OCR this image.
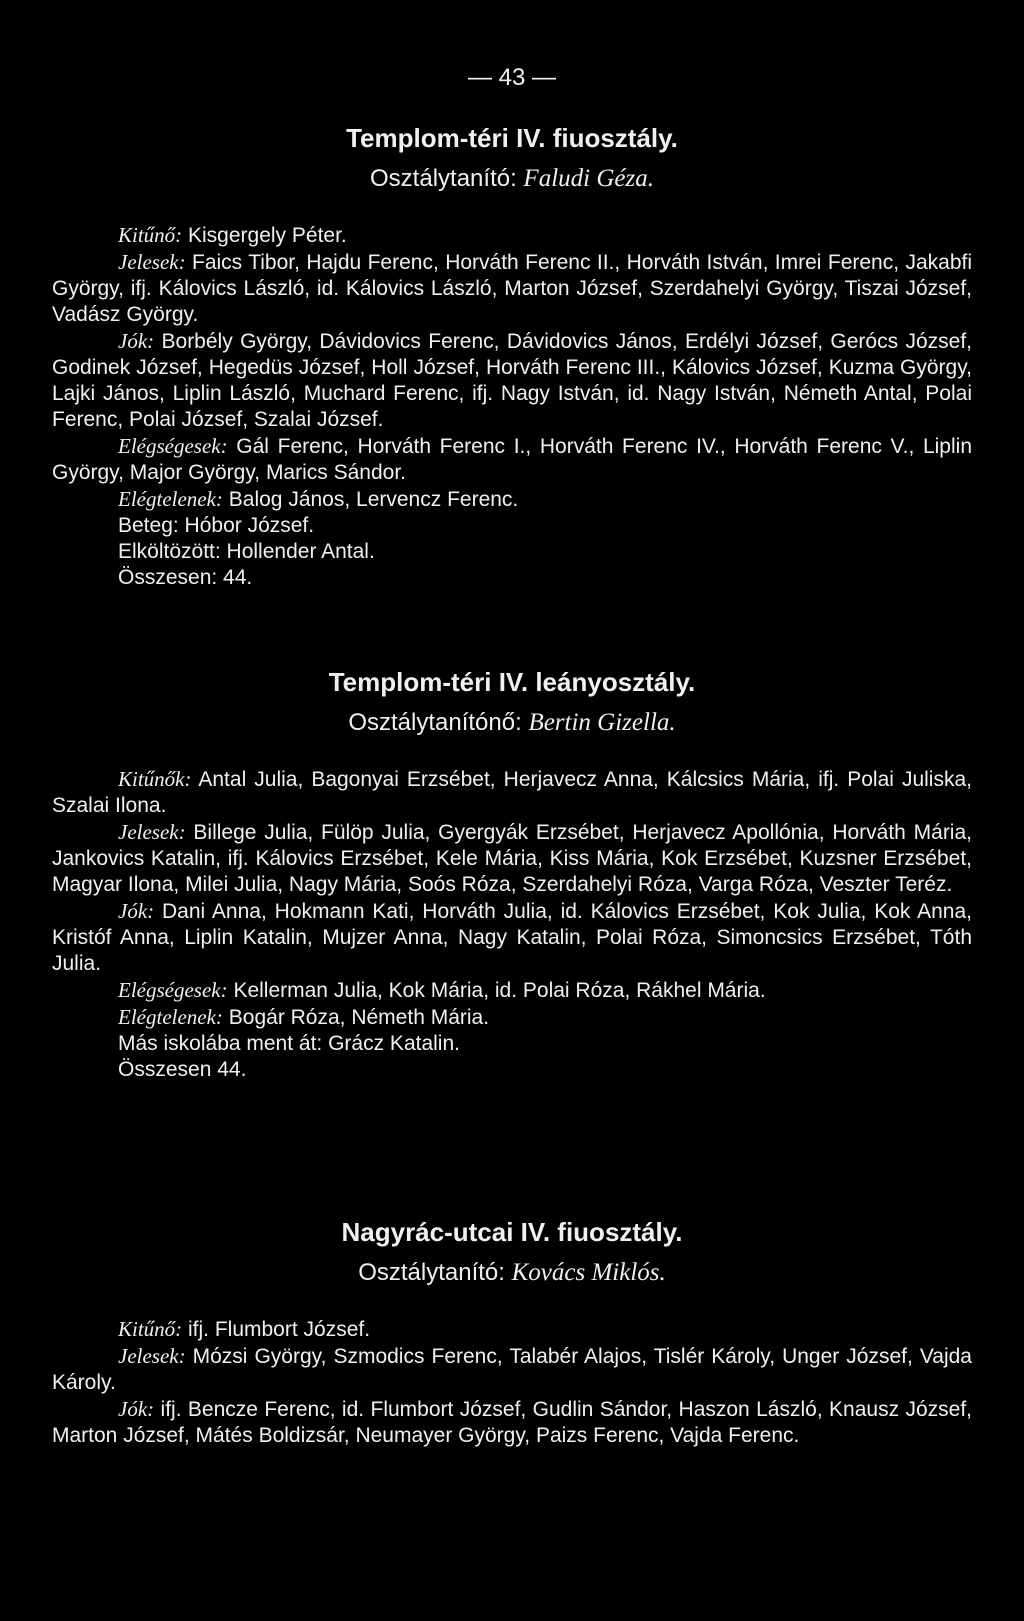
— 43 —
Templom-téri IV. fiuosztály.
Osztálytanító: Faludi Géza.

Kitűnő: Kisgergely Péter.

Jelesek: Faics Tibor, Hajdu Ferenc, Horváth Ferenc II., Horváth István, Imrei Ferenc, Jakabfi György, ifj. Kálovics László, id. Kálovics László, Marton József, Szerdahelyi György, Tiszai József, Vadász György.

Jók: Borbély György, Dávidovics Ferenc, Dávidovics János, Erdélyi József, Gerócs József, Godinek József, Hegedüs József, Holl József, Horváth Ferenc III., Kálovics József, Kuzma György, Lajki János, Liplin László, Muchard Ferenc, ifj. Nagy István, id. Nagy István, Németh Antal, Polai Ferenc, Polai József, Szalai József.

Elégségesek: Gál Ferenc, Horváth Ferenc I., Horváth Ferenc IV., Horváth Ferenc V., Liplin György, Major György, Marics Sándor.

Elégtelenek: Balog János, Lervencz Ferenc.

Beteg: Hóbor József.

Elköltözött: Hollender Antal.

Összesen: 44.

Templom-téri IV. leányosztály.
Osztálytanítónő: Bertin Gizella.

Kitűnők: Antal Julia, Bagonyai Erzsébet, Herjavecz Anna, Kálcsics Mária, ifj. Polai Juliska, Szalai Ilona.

Jelesek: Billege Julia, Fülöp Julia, Gyergyák Erzsébet, Herjavecz Apollónia, Horváth Mária, Jankovics Katalin, ifj. Kálovics Erzsébet, Kele Mária, Kiss Mária, Kok Erzsébet, Kuzsner Erzsébet, Magyar Ilona, Milei Julia, Nagy Mária, Soós Róza, Szerdahelyi Róza, Varga Róza, Veszter Teréz.

Jók: Dani Anna, Hokmann Kati, Horváth Julia, id. Kálovics Erzsébet, Kok Julia, Kok Anna, Kristóf Anna, Liplin Katalin, Mujzer Anna, Nagy Katalin, Polai Róza, Simoncsics Erzsébet, Tóth Julia.

Elégségesek: Kellerman Julia, Kok Mária, id. Polai Róza, Rákhel Mária.

Elégtelenek: Bogár Róza, Németh Mária.

Más iskolába ment át: Grácz Katalin.

Összesen 44.

Nagyrác-utcai IV. fiuosztály.
Osztálytanító: Kovács Miklós.

Kitűnő: ifj. Flumbort József.

Jelesek: Mózsi György, Szmodics Ferenc, Talabér Alajos, Tislér Károly, Unger József, Vajda Károly.

Jók: ifj. Bencze Ferenc, id. Flumbort József, Gudlin Sándor, Haszon László, Knausz József, Marton József, Mátés Boldizsár, Neumayer György, Paizs Ferenc, Vajda Ferenc.
